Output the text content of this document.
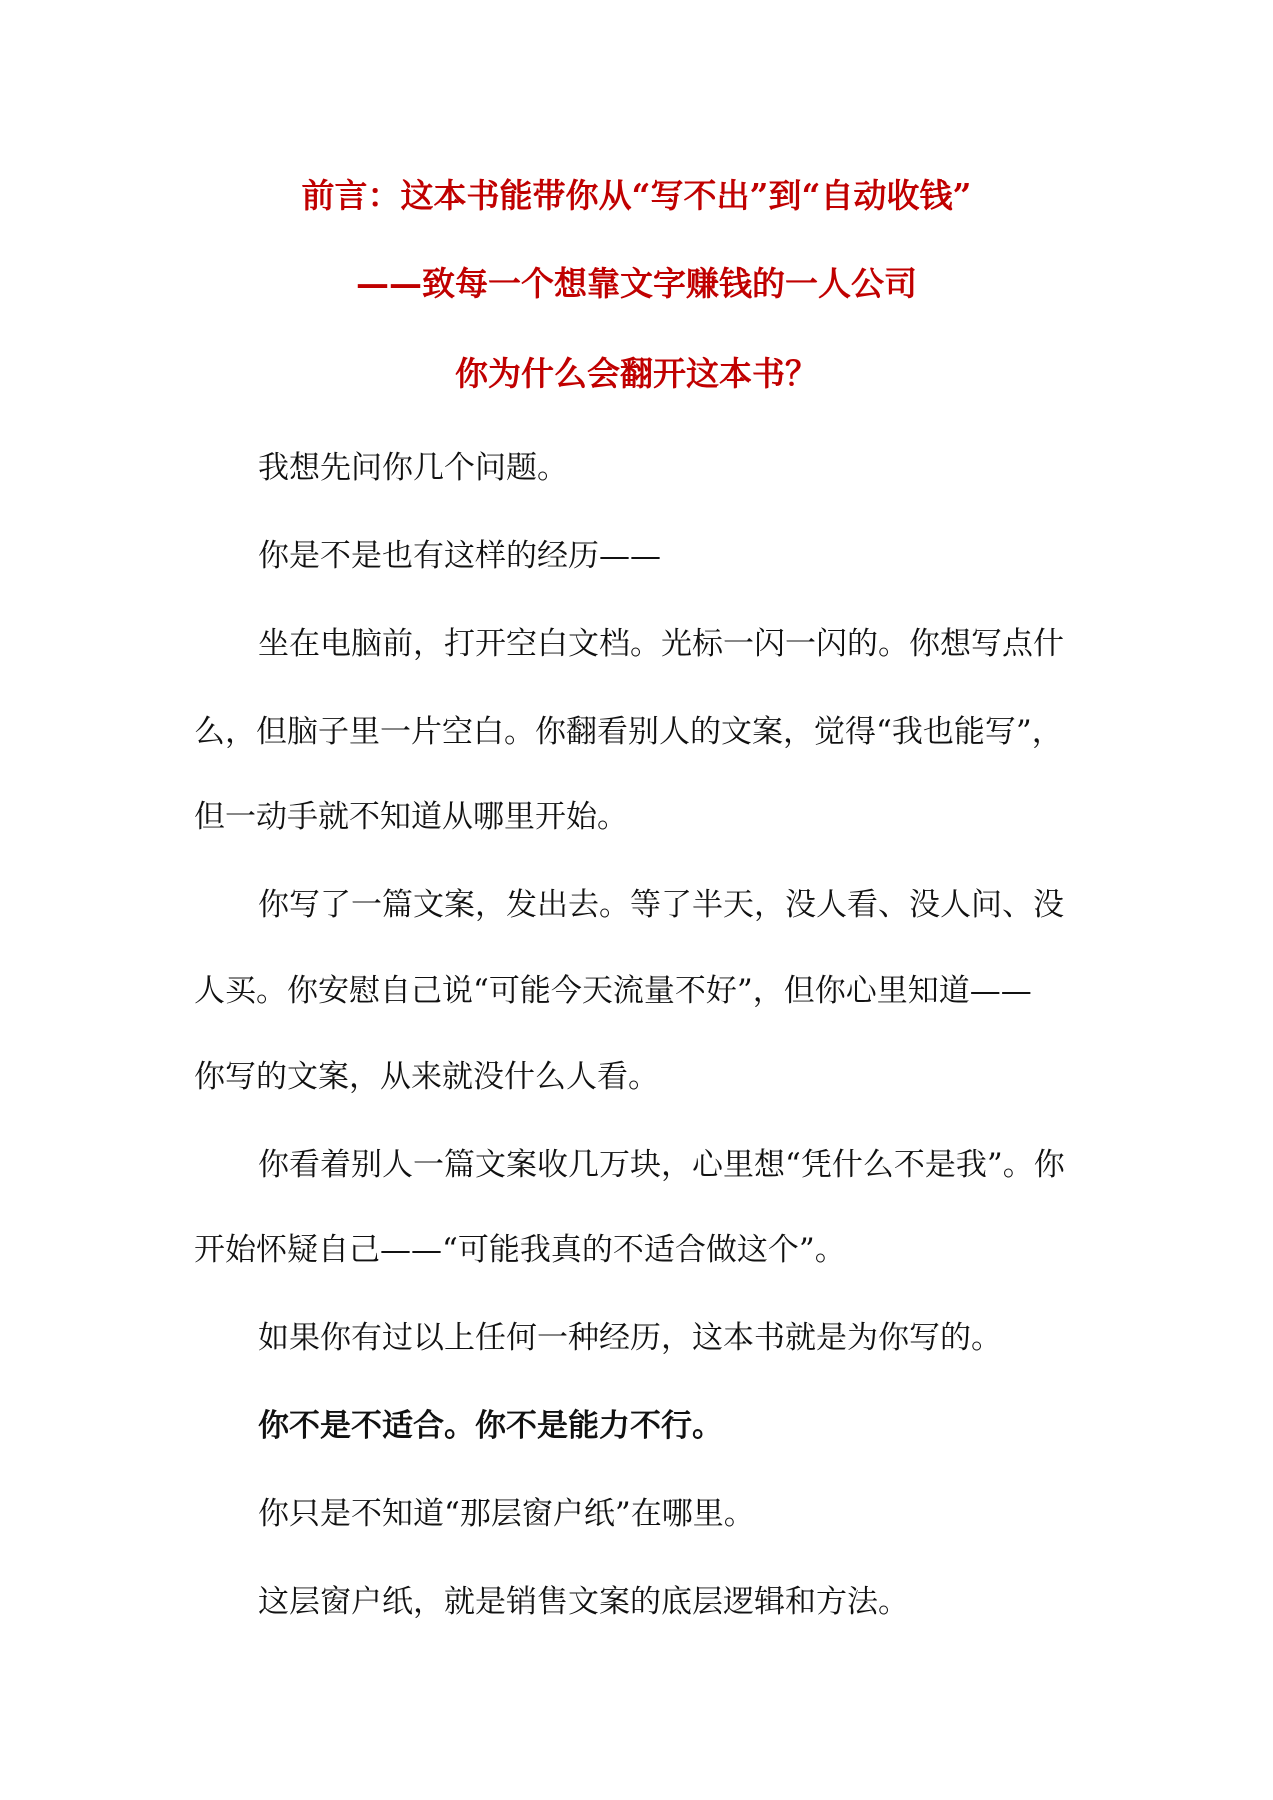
前言：这本书能带你从“写不出”到“自动收钱”
——致每一个想靠文字赚钱的一人公司
你为什么会翻开这本书？

我想先问你几个问题。

你是不是也有这样的经历——

坐在电脑前，打开空白文档。光标一闪一闪的。你想写点什

么，但脑子里一片空白。你翻看别人的文案，觉得“我也能写”，

但一动手就不知道从哪里开始。

你写了一篇文案，发出去。等了半天，没人看、没人问、没

人买。你安慰自己说“可能今天流量不好”，但你心里知道——

你写的文案，从来就没什么人看。

你看着别人一篇文案收几万块，心里想“凭什么不是我”。你

开始怀疑自己——“可能我真的不适合做这个”。

如果你有过以上任何一种经历，这本书就是为你写的。

你不是不适合。你不是能力不行。

你只是不知道“那层窗户纸”在哪里。

这层窗户纸，就是销售文案的底层逻辑和方法。
